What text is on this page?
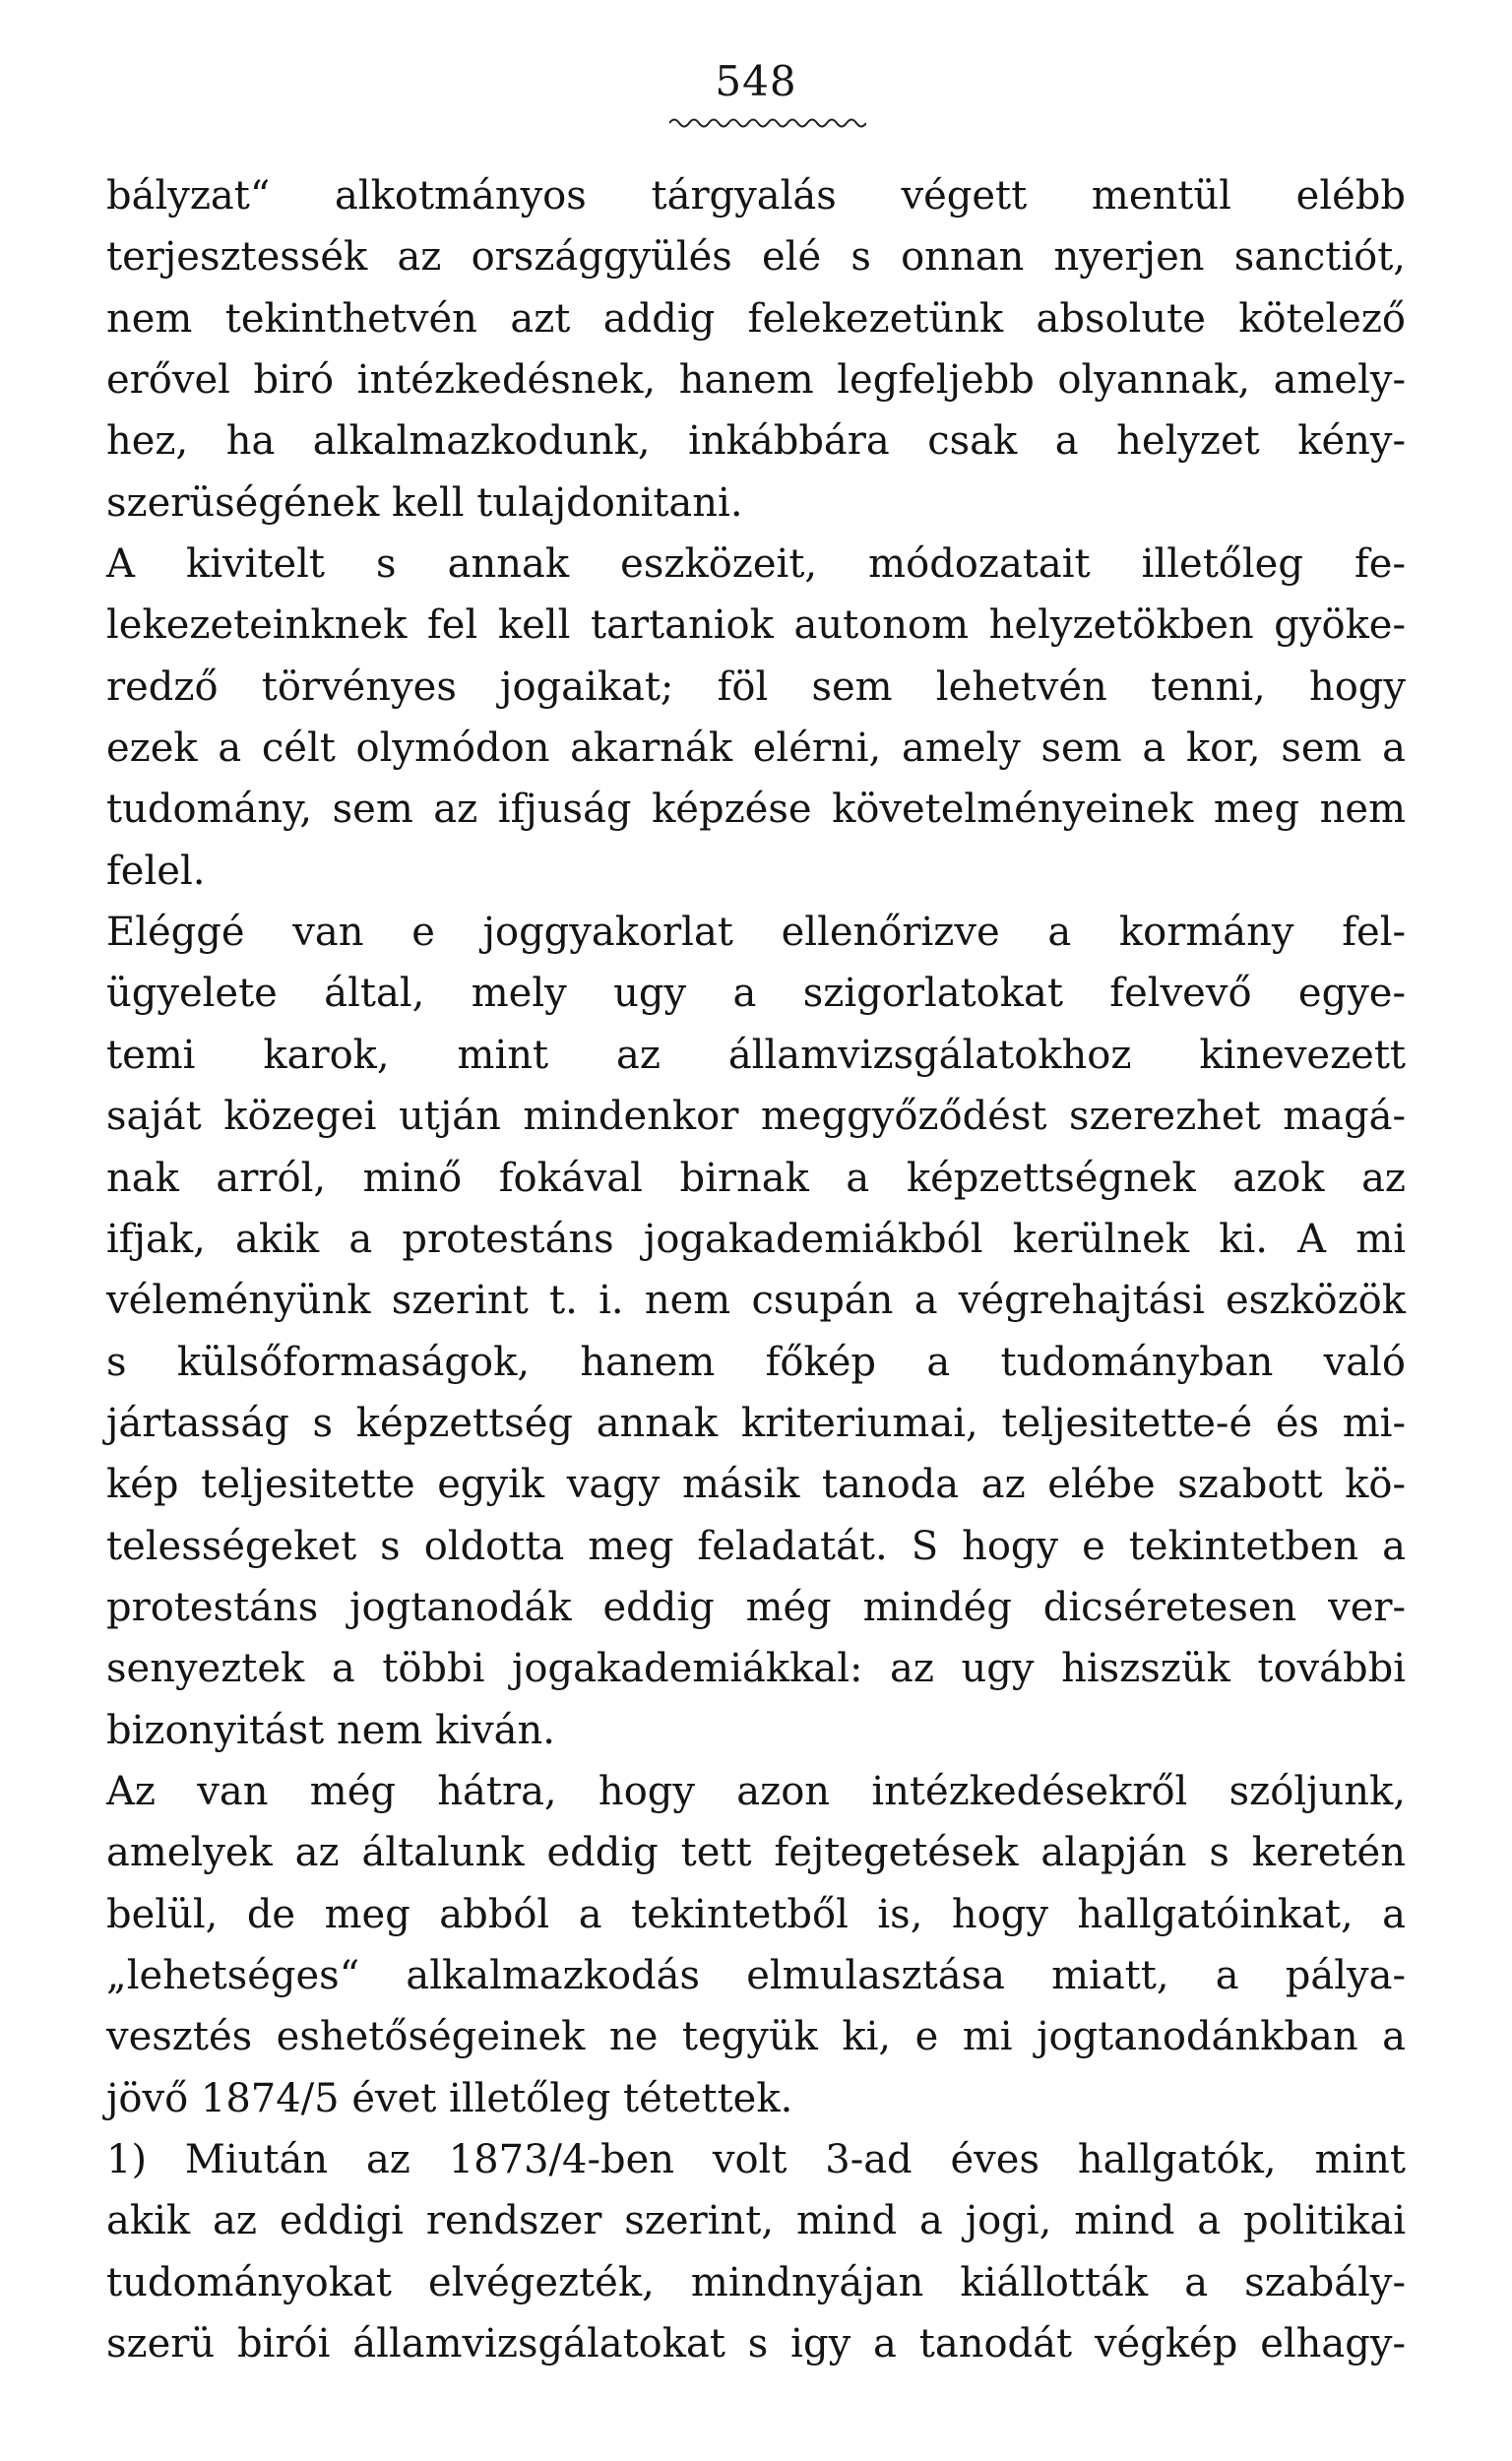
548
bályzat“ alkotmányos tárgyalás végett mentül elébb
terjesztessék az országgyülés elé s onnan nyerjen sanctiót,
nem tekinthetvén azt addig felekezetünk absolute kötelező
erővel biró intézkedésnek, hanem legfeljebb olyannak, amely-
hez, ha alkalmazkodunk, inkábbára csak a helyzet kény-
szerüségének kell tulajdonitani.
A kivitelt s annak eszközeit, módozatait illetőleg fe-
lekezeteinknek fel kell tartaniok autonom helyzetökben gyöke-
redző törvényes jogaikat; föl sem lehetvén tenni, hogy
ezek a célt olymódon akarnák elérni, amely sem a kor, sem a
tudomány, sem az ifjuság képzése követelményeinek meg nem
felel.
Eléggé van e joggyakorlat ellenőrizve a kormány fel-
ügyelete által, mely ugy a szigorlatokat felvevő egye-
temi karok, mint az államvizsgálatokhoz kinevezett
saját közegei utján mindenkor meggyőződést szerezhet magá-
nak arról, minő fokával birnak a képzettségnek azok az
ifjak, akik a protestáns jogakademiákból kerülnek ki. A mi
véleményünk szerint t. i. nem csupán a végrehajtási eszközök
s külsőformaságok, hanem főkép a tudományban való
jártasság s képzettség annak kriteriumai, teljesitette-é és mi-
kép teljesitette egyik vagy másik tanoda az elébe szabott kö-
telességeket s oldotta meg feladatát. S hogy e tekintetben a
protestáns jogtanodák eddig még mindég dicséretesen ver-
senyeztek a többi jogakademiákkal: az ugy hiszszük további
bizonyitást nem kiván.
Az van még hátra, hogy azon intézkedésekről szóljunk,
amelyek az általunk eddig tett fejtegetések alapján s keretén
belül, de meg abból a tekintetből is, hogy hallgatóinkat, a
„lehetséges“ alkalmazkodás elmulasztása miatt, a pálya-
vesztés eshetőségeinek ne tegyük ki, e mi jogtanodánkban a
jövő 1874/5 évet illetőleg tétettek.
1) Miután az 1873/4-ben volt 3-ad éves hallgatók, mint
akik az eddigi rendszer szerint, mind a jogi, mind a politikai
tudományokat elvégezték, mindnyájan kiállották a szabály-
szerü birói államvizsgálatokat s igy a tanodát végkép elhagy-
